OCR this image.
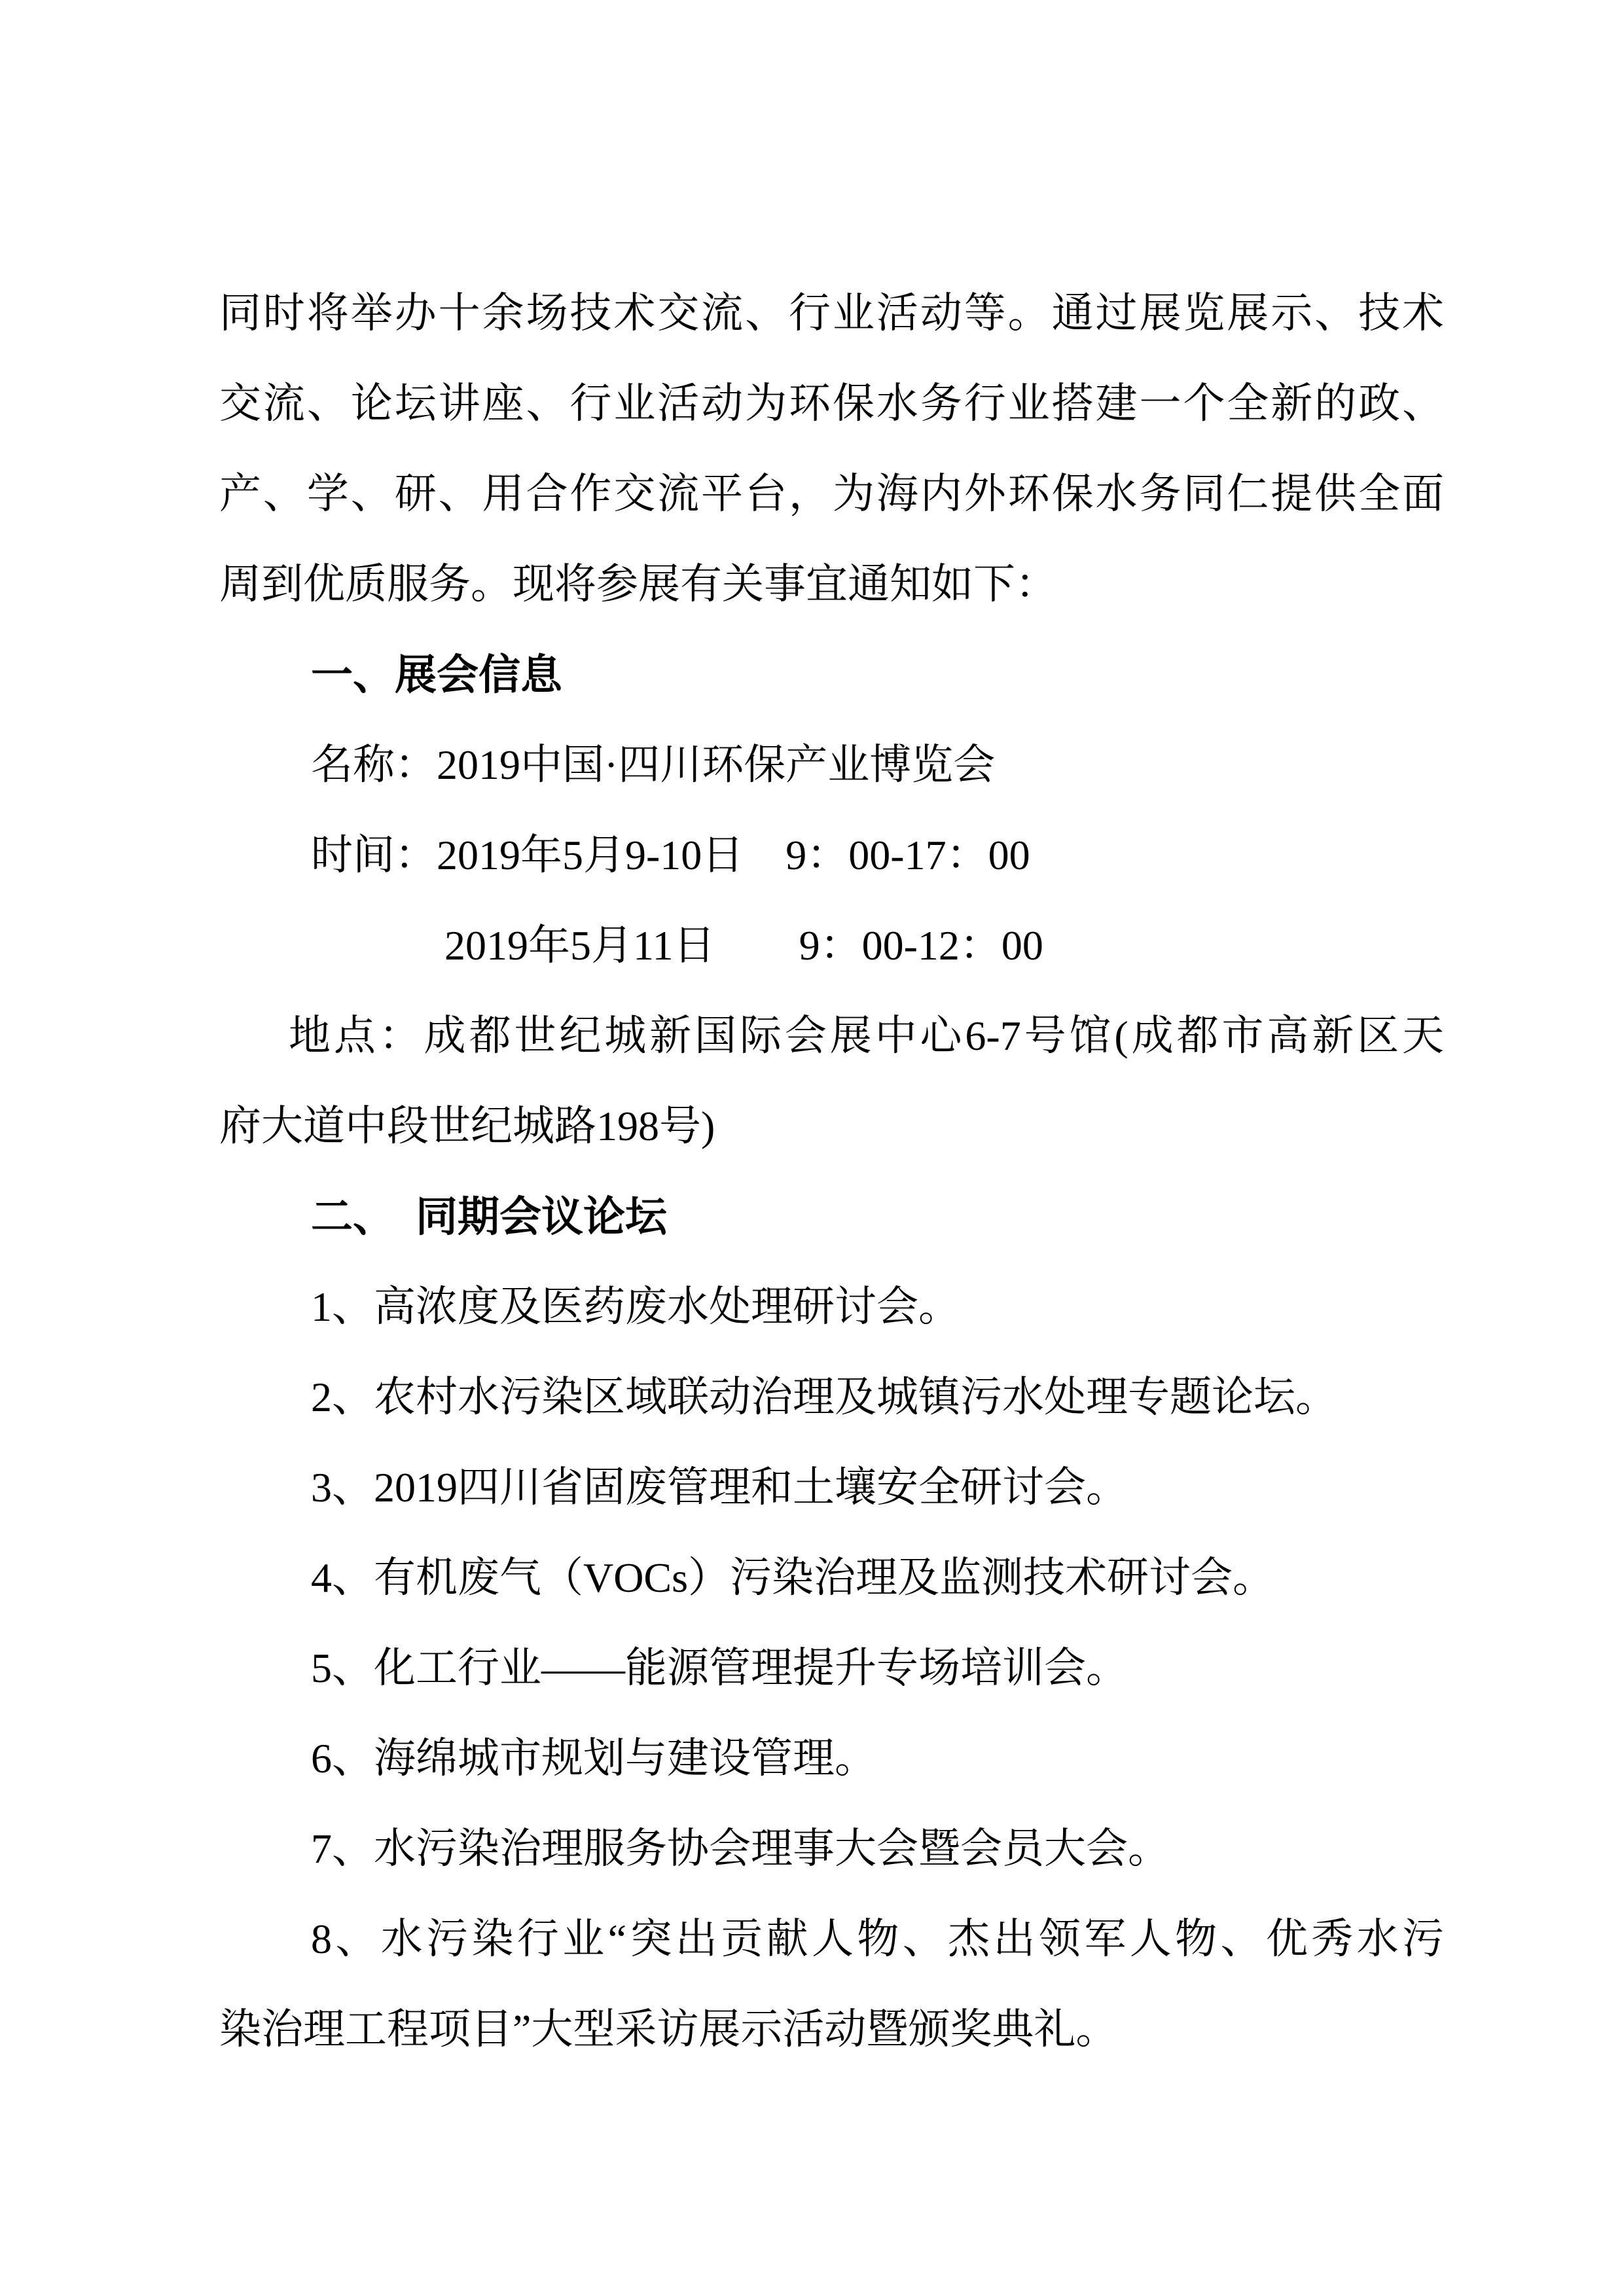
同时将举办十余场技术交流、行业活动等。通过展览展示、技术

交流、论坛讲座、行业活动为环保水务行业搭建一个全新的政、

产、学、研、用合作交流平台，为海内外环保水务同仁提供全面

周到优质服务。现将参展有关事宜通知如下：

一、展会信息

名称：2019中国·四川环保产业博览会

时间：2019年5月9-10日　9：00-17：00

2019年5月11日　　9：00-12：00

地点：成都世纪城新国际会展中心6-7号馆(成都市高新区天

府大道中段世纪城路198号)

二、　同期会议论坛

1、高浓度及医药废水处理研讨会。

2、农村水污染区域联动治理及城镇污水处理专题论坛。

3、2019四川省固废管理和土壤安全研讨会。

4、有机废气（VOCs）污染治理及监测技术研讨会。

5、化工行业——能源管理提升专场培训会。

6、海绵城市规划与建设管理。

7、水污染治理服务协会理事大会暨会员大会。

8、水污染行业“突出贡献人物、杰出领军人物、优秀水污

染治理工程项目”大型采访展示活动暨颁奖典礼。
